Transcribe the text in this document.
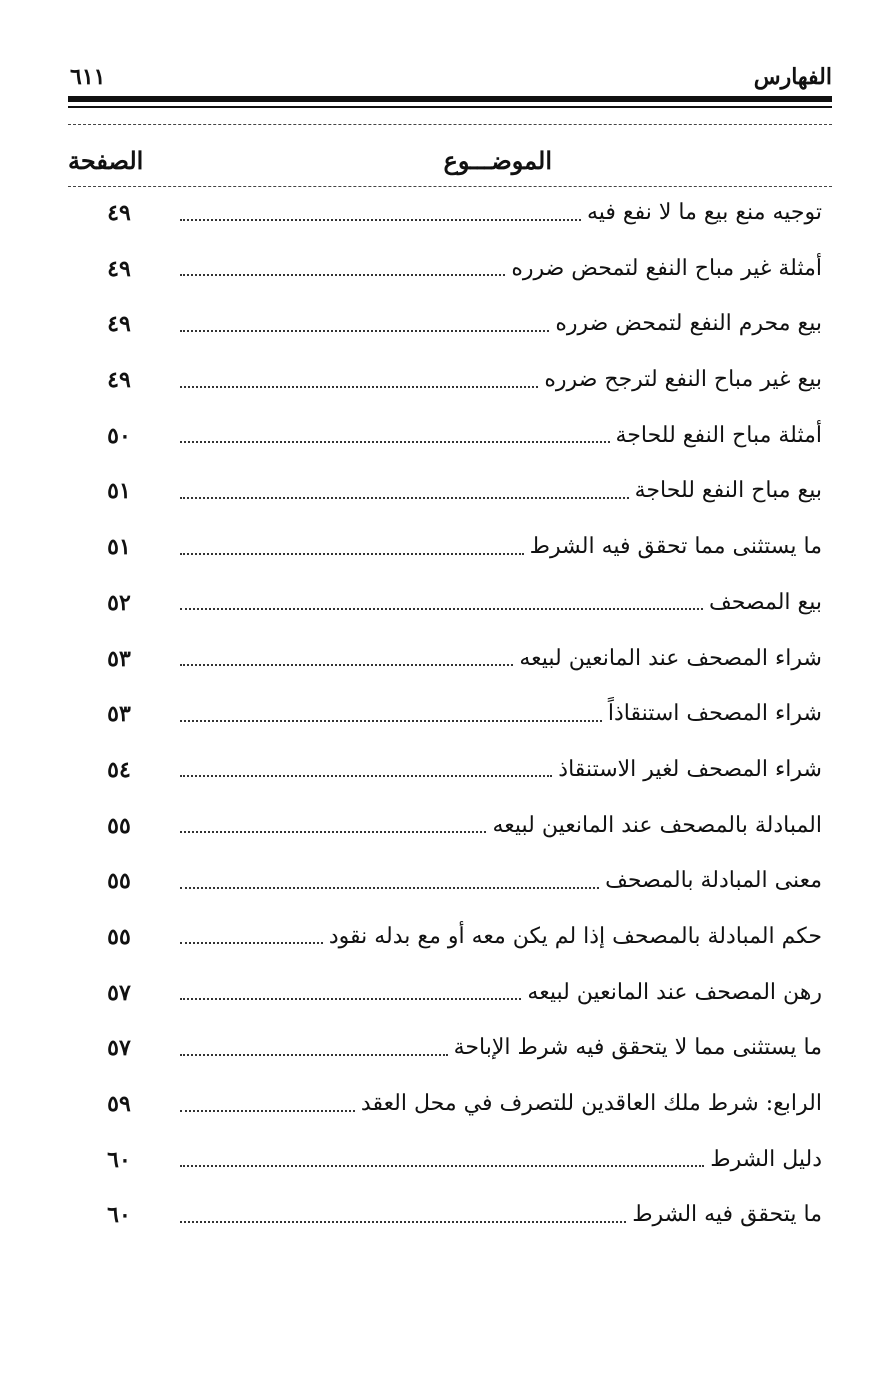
الفهارس
٦١١
الموضـــوع
الصفحة
توجيه منع بيع ما لا نفع فيه
٤٩
أمثلة غير مباح النفع لتمحض ضرره
٤٩
بيع محرم النفع لتمحض ضرره
٤٩
بيع غير مباح النفع لترجح ضرره
٤٩
أمثلة مباح النفع للحاجة
٥٠
بيع مباح النفع للحاجة
٥١
ما يستثنى مما تحقق فيه الشرط
٥١
بيع المصحف
٥٢
شراء المصحف عند المانعين لبيعه
٥٣
شراء المصحف استنقاذاً
٥٣
شراء المصحف لغير الاستنقاذ
٥٤
المبادلة بالمصحف عند المانعين لبيعه
٥٥
معنى المبادلة بالمصحف
٥٥
حكم المبادلة بالمصحف إذا لم يكن معه أو مع بدله نقود
٥٥
رهن المصحف عند المانعين لبيعه
٥٧
ما يستثنى مما لا يتحقق فيه شرط الإباحة
٥٧
الرابع: شرط ملك العاقدين للتصرف في محل العقد
٥٩
دليل الشرط
٦٠
ما يتحقق فيه الشرط
٦٠
